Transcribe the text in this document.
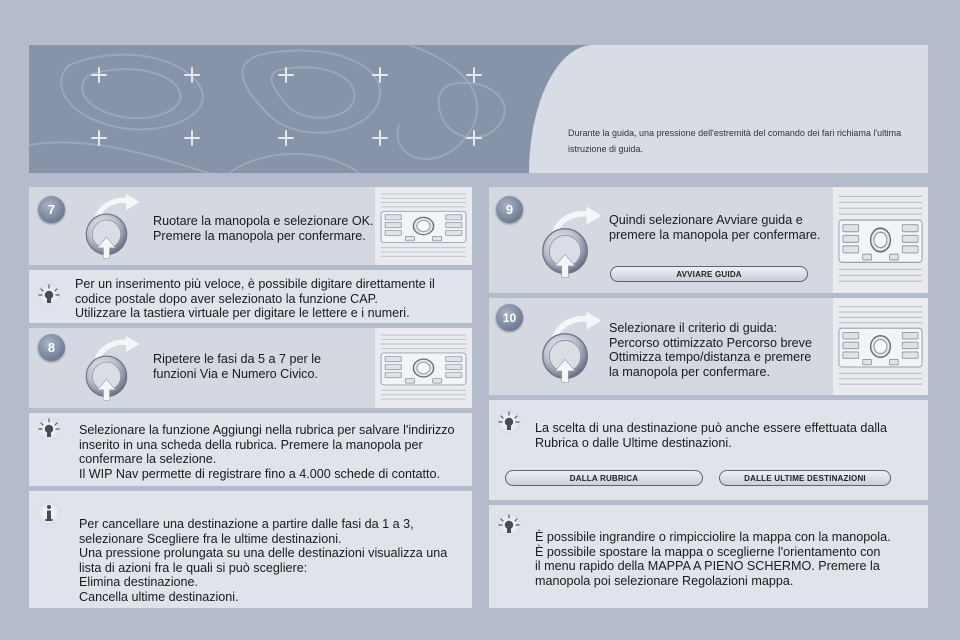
Durante la guida, una pressione dell'estremità del comando dei fari richiama l'ultima istruzione di guida.

7
Ruotare la manopola e selezionare OK.
Premere la manopola per confermare.
Per un inserimento più veloce, è possibile digitare direttamente il
codice postale dopo aver selezionato la funzione CAP.
Utilizzare la tastiera virtuale per digitare le lettere e i numeri.
8
Ripetere le fasi da 5 a 7 per le
funzioni Via e Numero Civico.
Selezionare la funzione Aggiungi nella rubrica per salvare l'indirizzo
inserito in una scheda della rubrica. Premere la manopola per
confermare la selezione.
Il WIP Nav permette di registrare fino a 4.000 schede di contatto.
Per cancellare una destinazione a partire dalle fasi da 1 a 3,
selezionare Scegliere fra le ultime destinazioni.
Una pressione prolungata su una delle destinazioni visualizza una
lista di azioni fra le quali si può scegliere:
Elimina destinazione.
Cancella ultime destinazioni.
9
Quindi selezionare Avviare guida e
premere la manopola per confermare.
AVVIARE GUIDA
10
Selezionare il criterio di guida:
Percorso ottimizzato Percorso breve
Ottimizza tempo/distanza e premere
la manopola per confermare.
La scelta di una destinazione può anche essere effettuata dalla
Rubrica o dalle Ultime destinazioni.
DALLA RUBRICA	DALLE ULTIME DESTINAZIONI
È possibile ingrandire o rimpicciolire la mappa con la manopola.
È possibile spostare la mappa o sceglierne l'orientamento con
il menu rapido della MAPPA A PIENO SCHERMO. Premere la
manopola poi selezionare Regolazioni mappa.
